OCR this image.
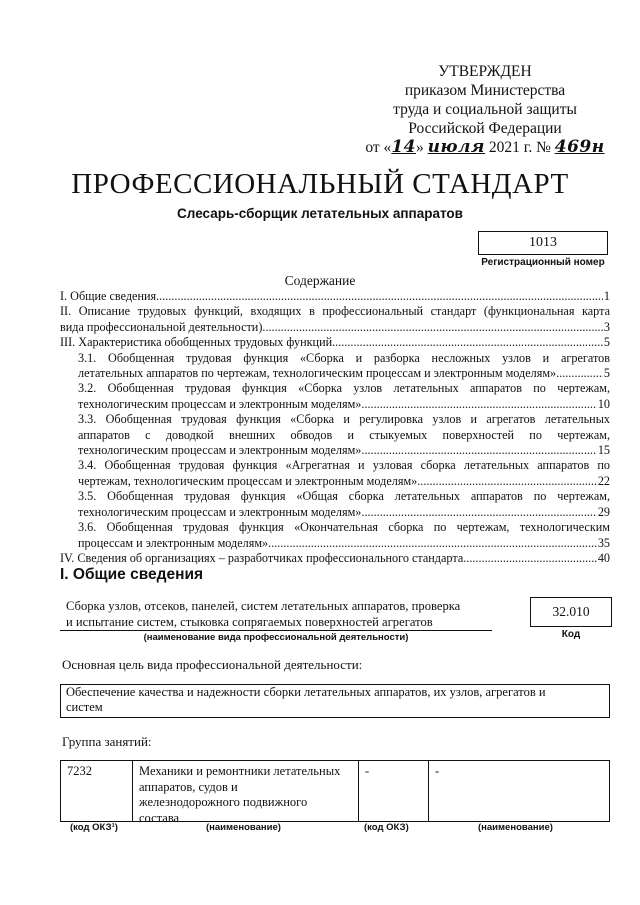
УТВЕРЖДЕН
приказом Министерства
труда и социальной защиты
Российской Федерации
от «14» июля 2021 г. № 469н
ПРОФЕССИОНАЛЬНЫЙ СТАНДАРТ
Слесарь-сборщик летательных аппаратов
1013
Регистрационный номер
Содержание
I. Общие сведения .....	1
II. Описание трудовых функций, входящих в профессиональный стандарт (функциональная карта
вида профессиональной деятельности) .....	3
III. Характеристика обобщенных трудовых функций .....	5
3.1. Обобщенная трудовая функция «Сборка и разборка несложных узлов и агрегатов
летательных аппаратов по чертежам, технологическим процессам и электронным моделям» .....	5
3.2. Обобщенная трудовая функция «Сборка узлов летательных аппаратов по чертежам,
технологическим процессам и электронным моделям» .....	10
3.3. Обобщенная трудовая функция «Сборка и регулировка узлов и агрегатов летательных
аппаратов с доводкой внешних обводов и стыкуемых поверхностей по чертежам,
технологическим процессам и электронным моделям» .....	15
3.4. Обобщенная трудовая функция «Агрегатная и узловая сборка летательных аппаратов по
чертежам, технологическим процессам и электронным моделям» .....	22
3.5. Обобщенная трудовая функция «Общая сборка летательных аппаратов по чертежам,
технологическим процессам и электронным моделям» .....	29
3.6. Обобщенная трудовая функция «Окончательная сборка по чертежам, технологическим
процессам и электронным моделям» .....	35
IV. Сведения об организациях – разработчиках профессионального стандарта .....	40
I. Общие сведения
Сборка узлов, отсеков, панелей, систем летательных аппаратов, проверка
и испытание систем, стыковка сопрягаемых поверхностей агрегатов
(наименование вида профессиональной деятельности)
32.010
Код
Основная цель вида профессиональной деятельности:
Обеспечение качества и надежности сборки летательных аппаратов, их узлов, агрегатов и
систем
Группа занятий:
7232	Механики и ремонтники летательных
аппаратов, судов и
железнодорожного подвижного
состава
-	-
(код ОКЗ¹)	(наименование)	(код ОКЗ)	(наименование)
